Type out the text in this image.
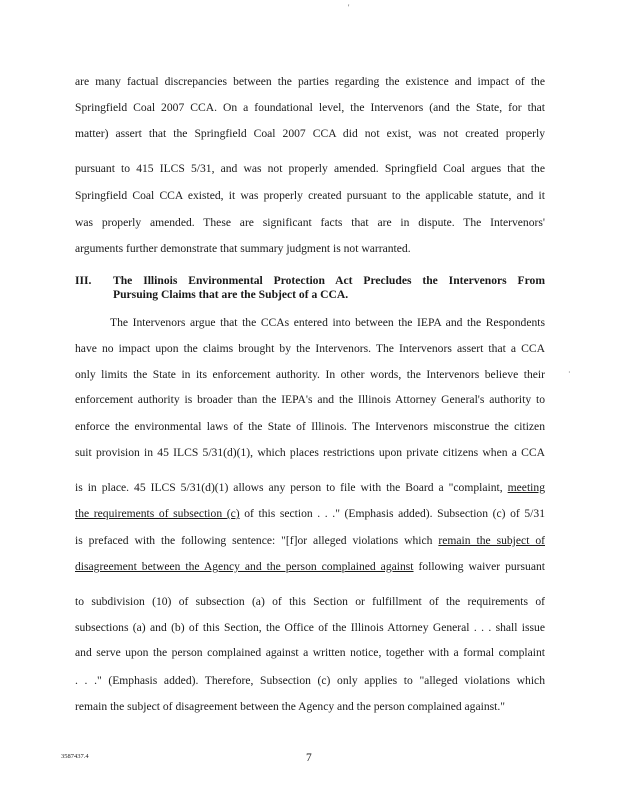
'
·
are many factual discrepancies between the parties regarding the existence and impact of the
Springfield Coal 2007 CCA. On a foundational level, the Intervenors (and the State, for that
matter) assert that the Springfield Coal 2007 CCA did not exist, was not created properly
pursuant to 415 ILCS 5/31, and was not properly amended. Springfield Coal argues that the
Springfield Coal CCA existed, it was properly created pursuant to the applicable statute, and it
was properly amended. These are significant facts that are in dispute. The Intervenors'
arguments further demonstrate that summary judgment is not warranted.
III. The Illinois Environmental Protection Act Precludes the Intervenors From
Pursuing Claims that are the Subject of a CCA.
The Intervenors argue that the CCAs entered into between the IEPA and the Respondents
have no impact upon the claims brought by the Intervenors. The Intervenors assert that a CCA
only limits the State in its enforcement authority. In other words, the Intervenors believe their
enforcement authority is broader than the IEPA's and the Illinois Attorney General's authority to
enforce the environmental laws of the State of Illinois. The Intervenors misconstrue the citizen
suit provision in 45 ILCS 5/31(d)(1), which places restrictions upon private citizens when a CCA
is in place. 45 ILCS 5/31(d)(1) allows any person to file with the Board a "complaint, meeting
the requirements of subsection (c) of this section . . ." (Emphasis added). Subsection (c) of 5/31
is prefaced with the following sentence: "[f]or alleged violations which remain the subject of
disagreement between the Agency and the person complained against following waiver pursuant
to subdivision (10) of subsection (a) of this Section or fulfillment of the requirements of
subsections (a) and (b) of this Section, the Office of the Illinois Attorney General . . . shall issue
and serve upon the person complained against a written notice, together with a formal complaint
. . ." (Emphasis added). Therefore, Subsection (c) only applies to "alleged violations which
remain the subject of disagreement between the Agency and the person complained against."
3587437.4	7
